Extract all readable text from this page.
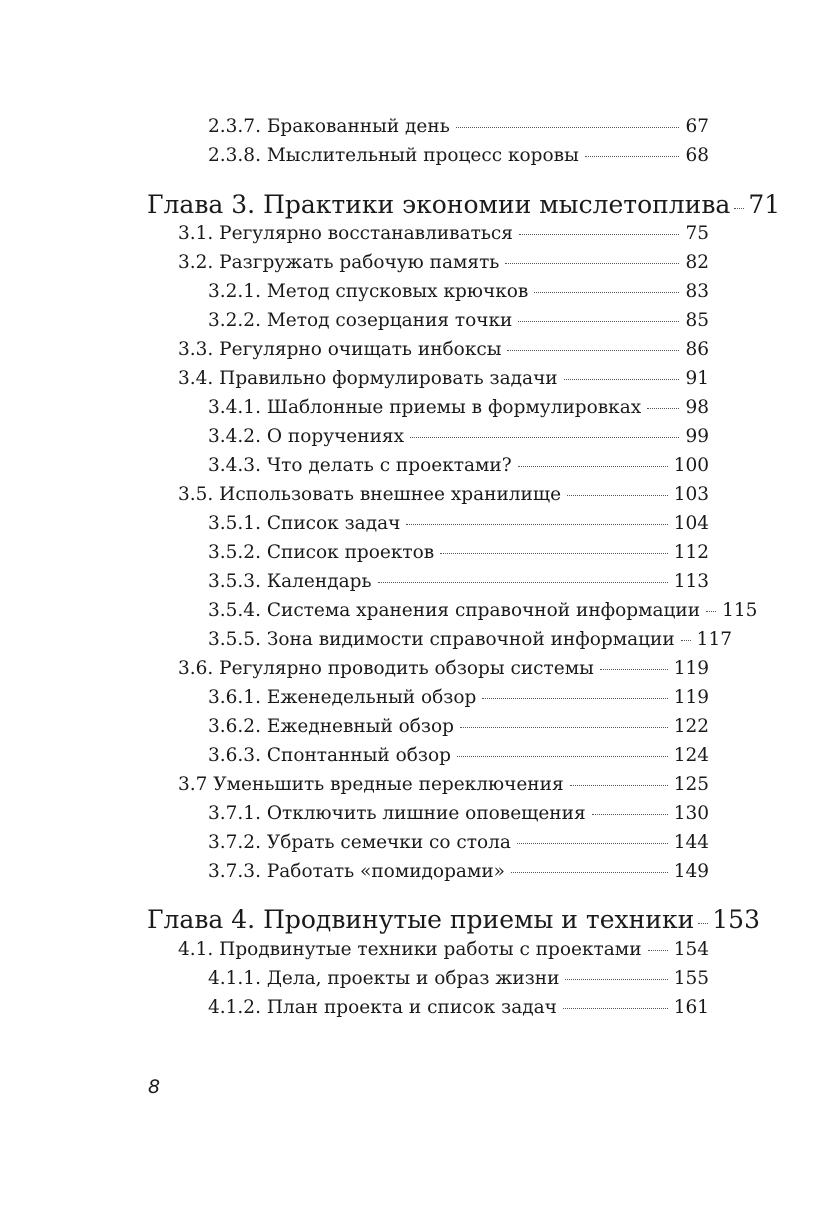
2.3.7. Бракованный день	67
2.3.8. Мыслительный процесс коровы	68
Глава 3. Практики экономии мыслетоплива 71
3.1. Регулярно восстанавливаться	75
3.2. Разгружать рабочую память	82
3.2.1. Метод спусковых крючков	83
3.2.2. Метод созерцания точки	85
3.3. Регулярно очищать инбоксы	86
3.4. Правильно формулировать задачи	91
3.4.1. Шаблонные приемы в формулировках 98
3.4.2. О поручениях	99
3.4.3. Что делать с проектами?	100
3.5. Использовать внешнее хранилище	103
3.5.1. Список задач	104
3.5.2. Список проектов	112
3.5.3. Календарь	113
3.5.4. Система хранения справочной информации 115
3.5.5. Зона видимости справочной информации 117
3.6. Регулярно проводить обзоры системы	119
3.6.1. Еженедельный обзор	119
3.6.2. Ежедневный обзор	122
3.6.3. Спонтанный обзор	124
3.7 Уменьшить вредные переключения	125
3.7.1. Отключить лишние оповещения	130
3.7.2. Убрать семечки со стола	144
3.7.3. Работать «помидорами»	149
Глава 4. Продвинутые приемы и техники 153
4.1. Продвинутые техники работы с проектами 154
4.1.1. Дела, проекты и образ жизни	155
4.1.2. План проекта и список задач	161
8
